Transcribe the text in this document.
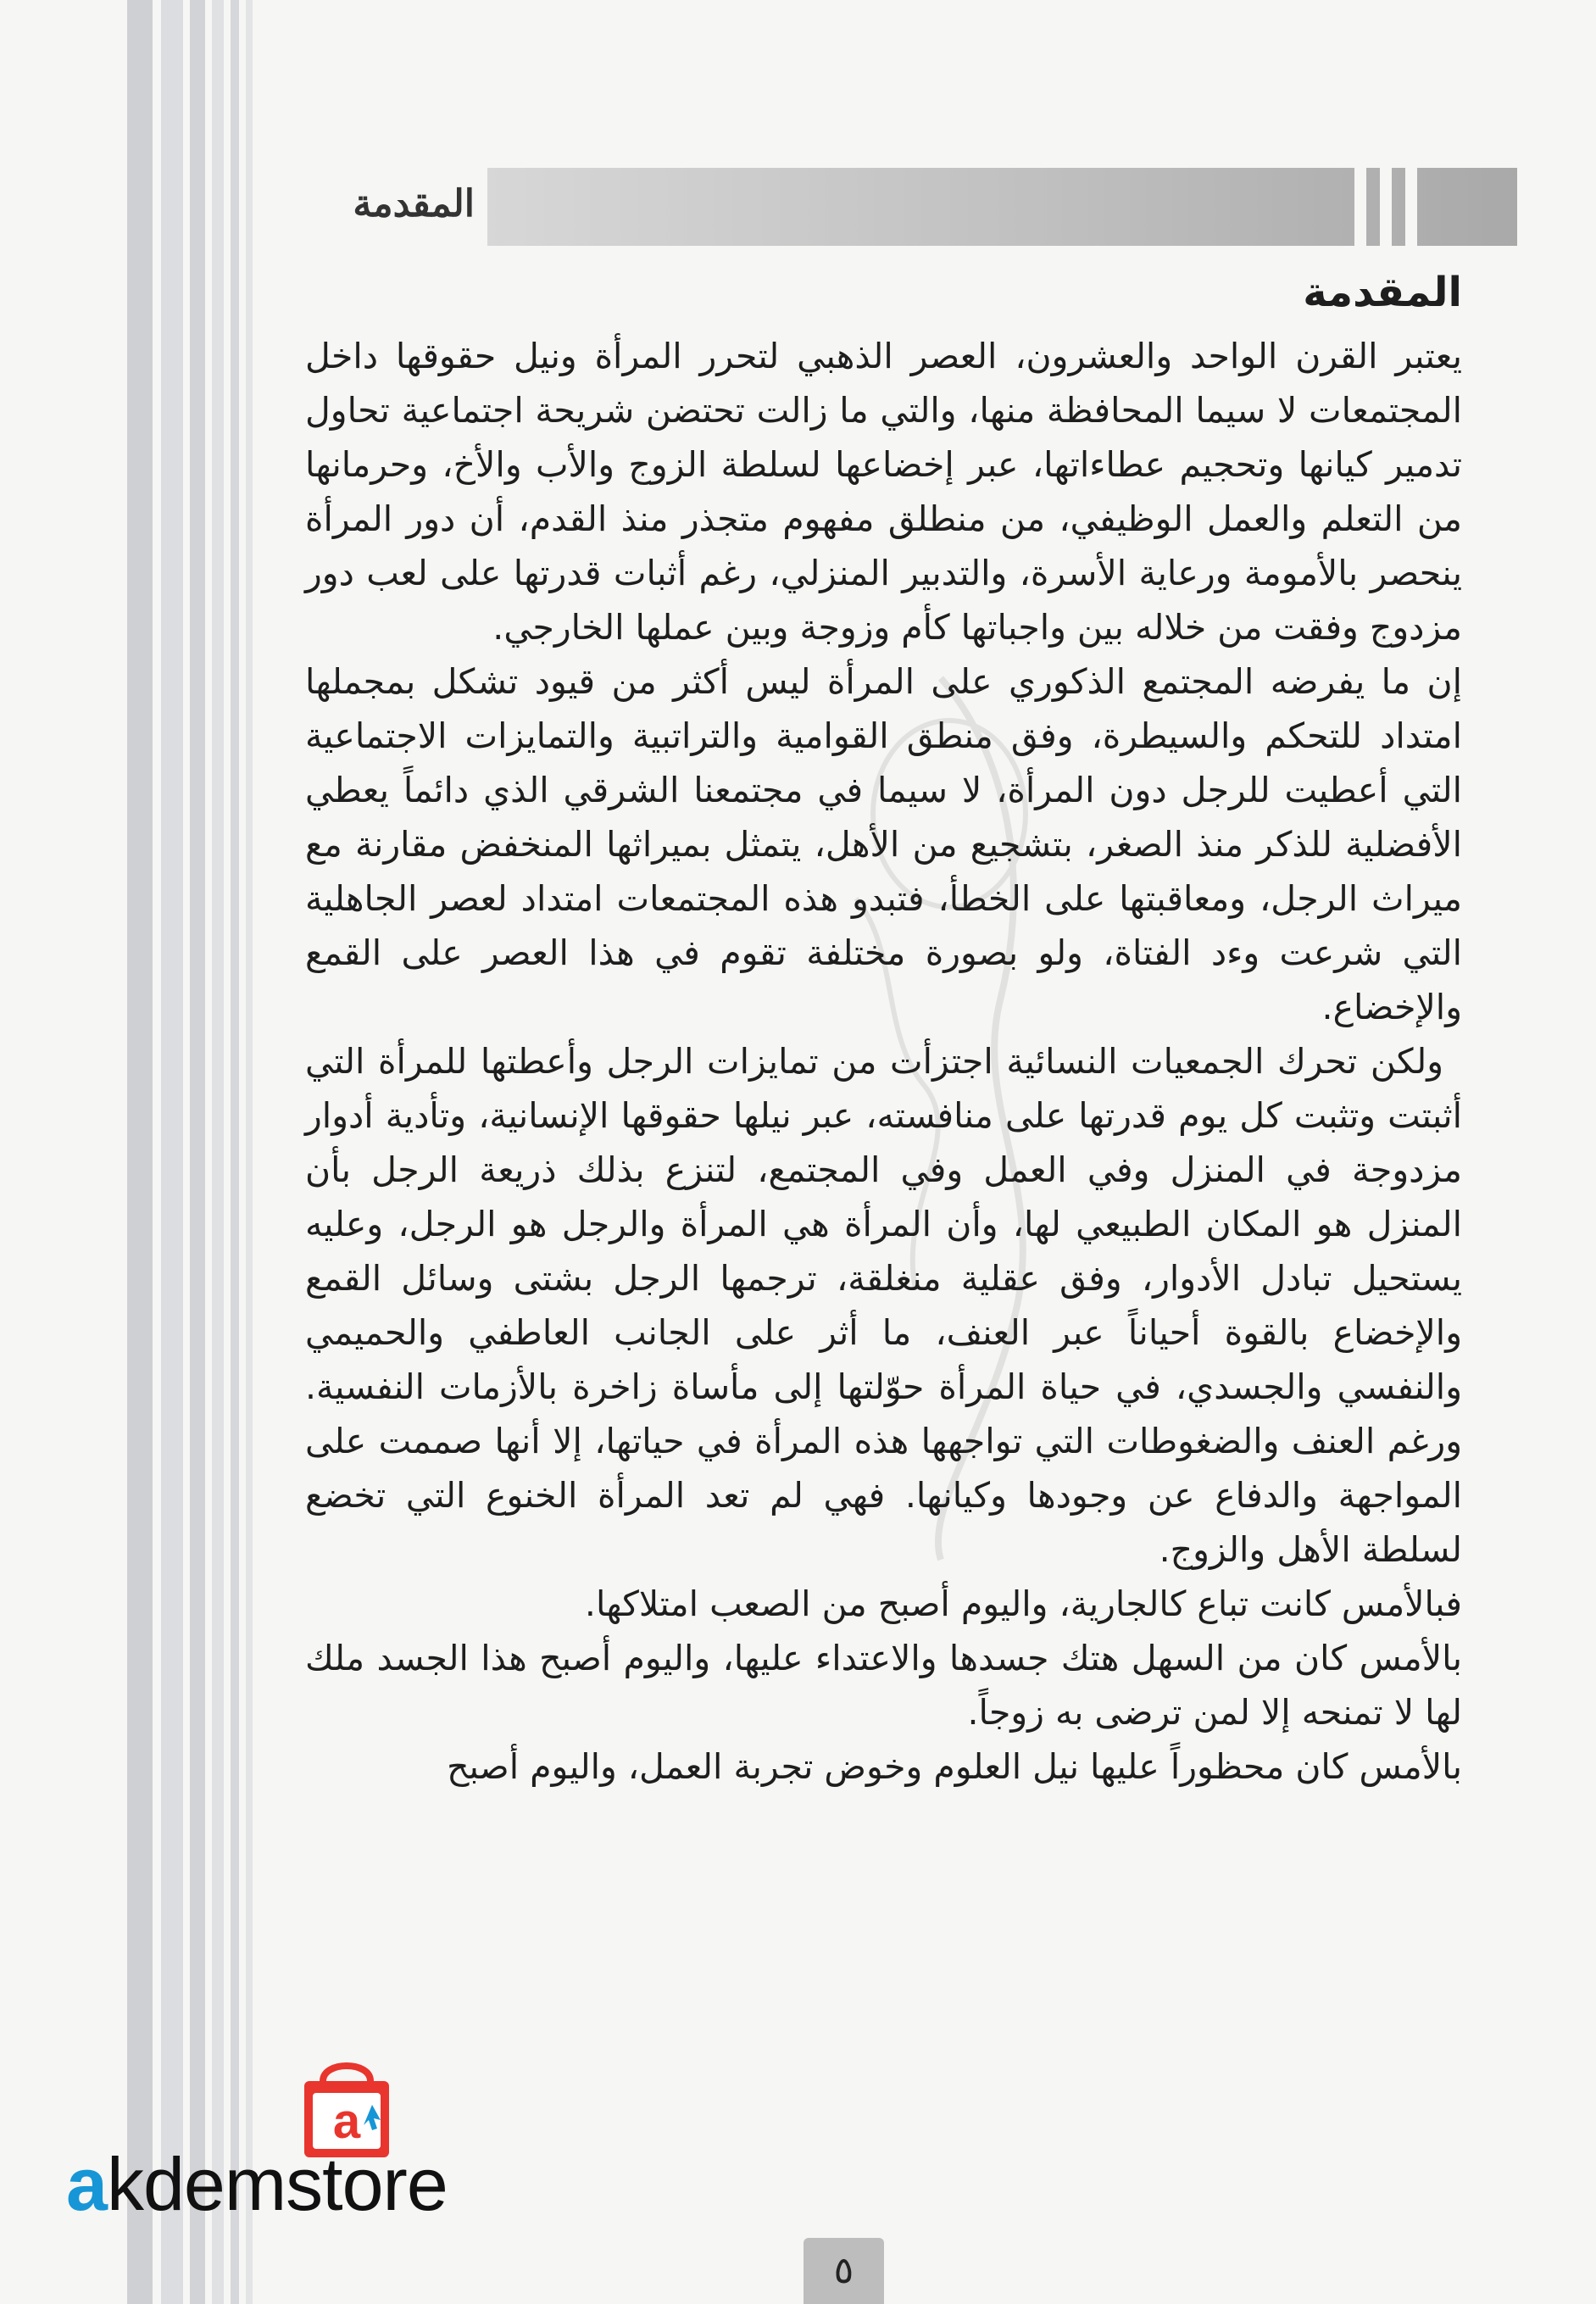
المقدمة
المقدمة

يعتبر القرن الواحد والعشرون، العصر الذهبي لتحرر المرأة ونيل حقوقها داخل المجتمعات لا سيما المحافظة منها، والتي ما زالت تحتضن شريحة اجتماعية تحاول تدمير كيانها وتحجيم عطاءاتها، عبر إخضاعها لسلطة الزوج والأب والأخ، وحرمانها من التعلم والعمل الوظيفي، من منطلق مفهوم متجذر منذ القدم، أن دور المرأة ينحصر بالأمومة ورعاية الأسرة، والتدبير المنزلي، رغم أثبات قدرتها على لعب دور مزدوج وفقت من خلاله بين واجباتها كأم وزوجة وبين عملها الخارجي.

إن ما يفرضه المجتمع الذكوري على المرأة ليس أكثر من قيود تشكل بمجملها امتداد للتحكم والسيطرة، وفق منطق القوامية والتراتبية والتمايزات الاجتماعية التي أعطيت للرجل دون المرأة، لا سيما في مجتمعنا الشرقي الذي دائماً يعطي الأفضلية للذكر منذ الصغر، بتشجيع من الأهل، يتمثل بميراثها المنخفض مقارنة مع ميراث الرجل، ومعاقبتها على الخطأ، فتبدو هذه المجتمعات امتداد لعصر الجاهلية التي شرعت وءد الفتاة، ولو بصورة مختلفة تقوم في هذا العصر على القمع والإخضاع.

ولكن تحرك الجمعيات النسائية اجتزأت من تمايزات الرجل وأعطتها للمرأة التي أثبتت وتثبت كل يوم قدرتها على منافسته، عبر نيلها حقوقها الإنسانية، وتأدية أدوار مزدوجة في المنزل وفي العمل وفي المجتمع، لتنزع بذلك ذريعة الرجل بأن المنزل هو المكان الطبيعي لها، وأن المرأة هي المرأة والرجل هو الرجل، وعليه يستحيل تبادل الأدوار، وفق عقلية منغلقة، ترجمها الرجل بشتى وسائل القمع والإخضاع بالقوة أحياناً عبر العنف، ما أثر على الجانب العاطفي والحميمي والنفسي والجسدي، في حياة المرأة حوّلتها إلى مأساة زاخرة بالأزمات النفسية. ورغم العنف والضغوطات التي تواجهها هذه المرأة في حياتها، إلا أنها صممت على المواجهة والدفاع عن وجودها وكيانها. فهي لم تعد المرأة الخنوع التي تخضع لسلطة الأهل والزوج.

فبالأمس كانت تباع كالجارية، واليوم أصبح من الصعب امتلاكها.

بالأمس كان من السهل هتك جسدها والاعتداء عليها، واليوم أصبح هذا الجسد ملك لها لا تمنحه إلا لمن ترضى به زوجاً.

بالأمس كان محظوراً عليها نيل العلوم وخوض تجربة العمل، واليوم أصبح

a
akdemstore
٥
